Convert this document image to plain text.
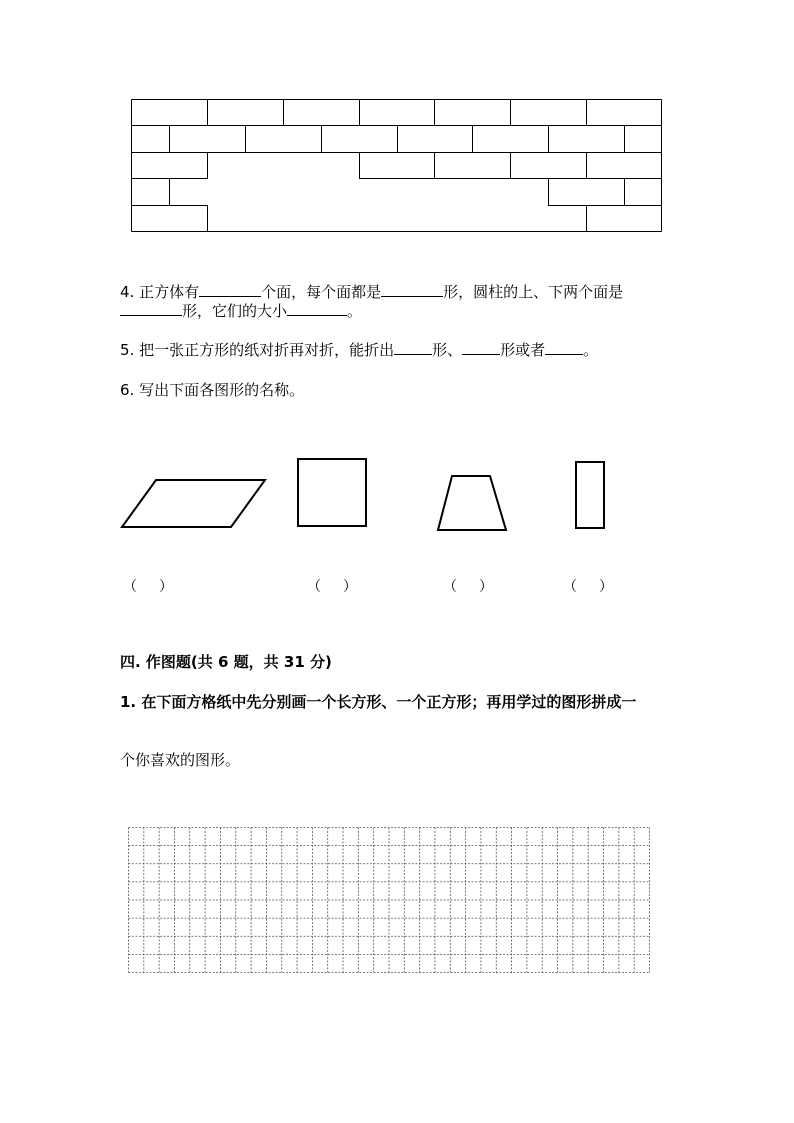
4. 正方体有	个面，每个面都是	形，圆柱的上、下两个面是
形，它们的大小	。
5. 把一张正方形的纸对折再对折，能折出	形、	形或者	。
6. 写出下面各图形的名称。
（ ）	（ ）	（ ）	（ ）
四. 作图题(共 6 题，共 31 分)
1. 在下面方格纸中先分别画一个长方形、一个正方形；再用学过的图形拼成一
个你喜欢的图形。
